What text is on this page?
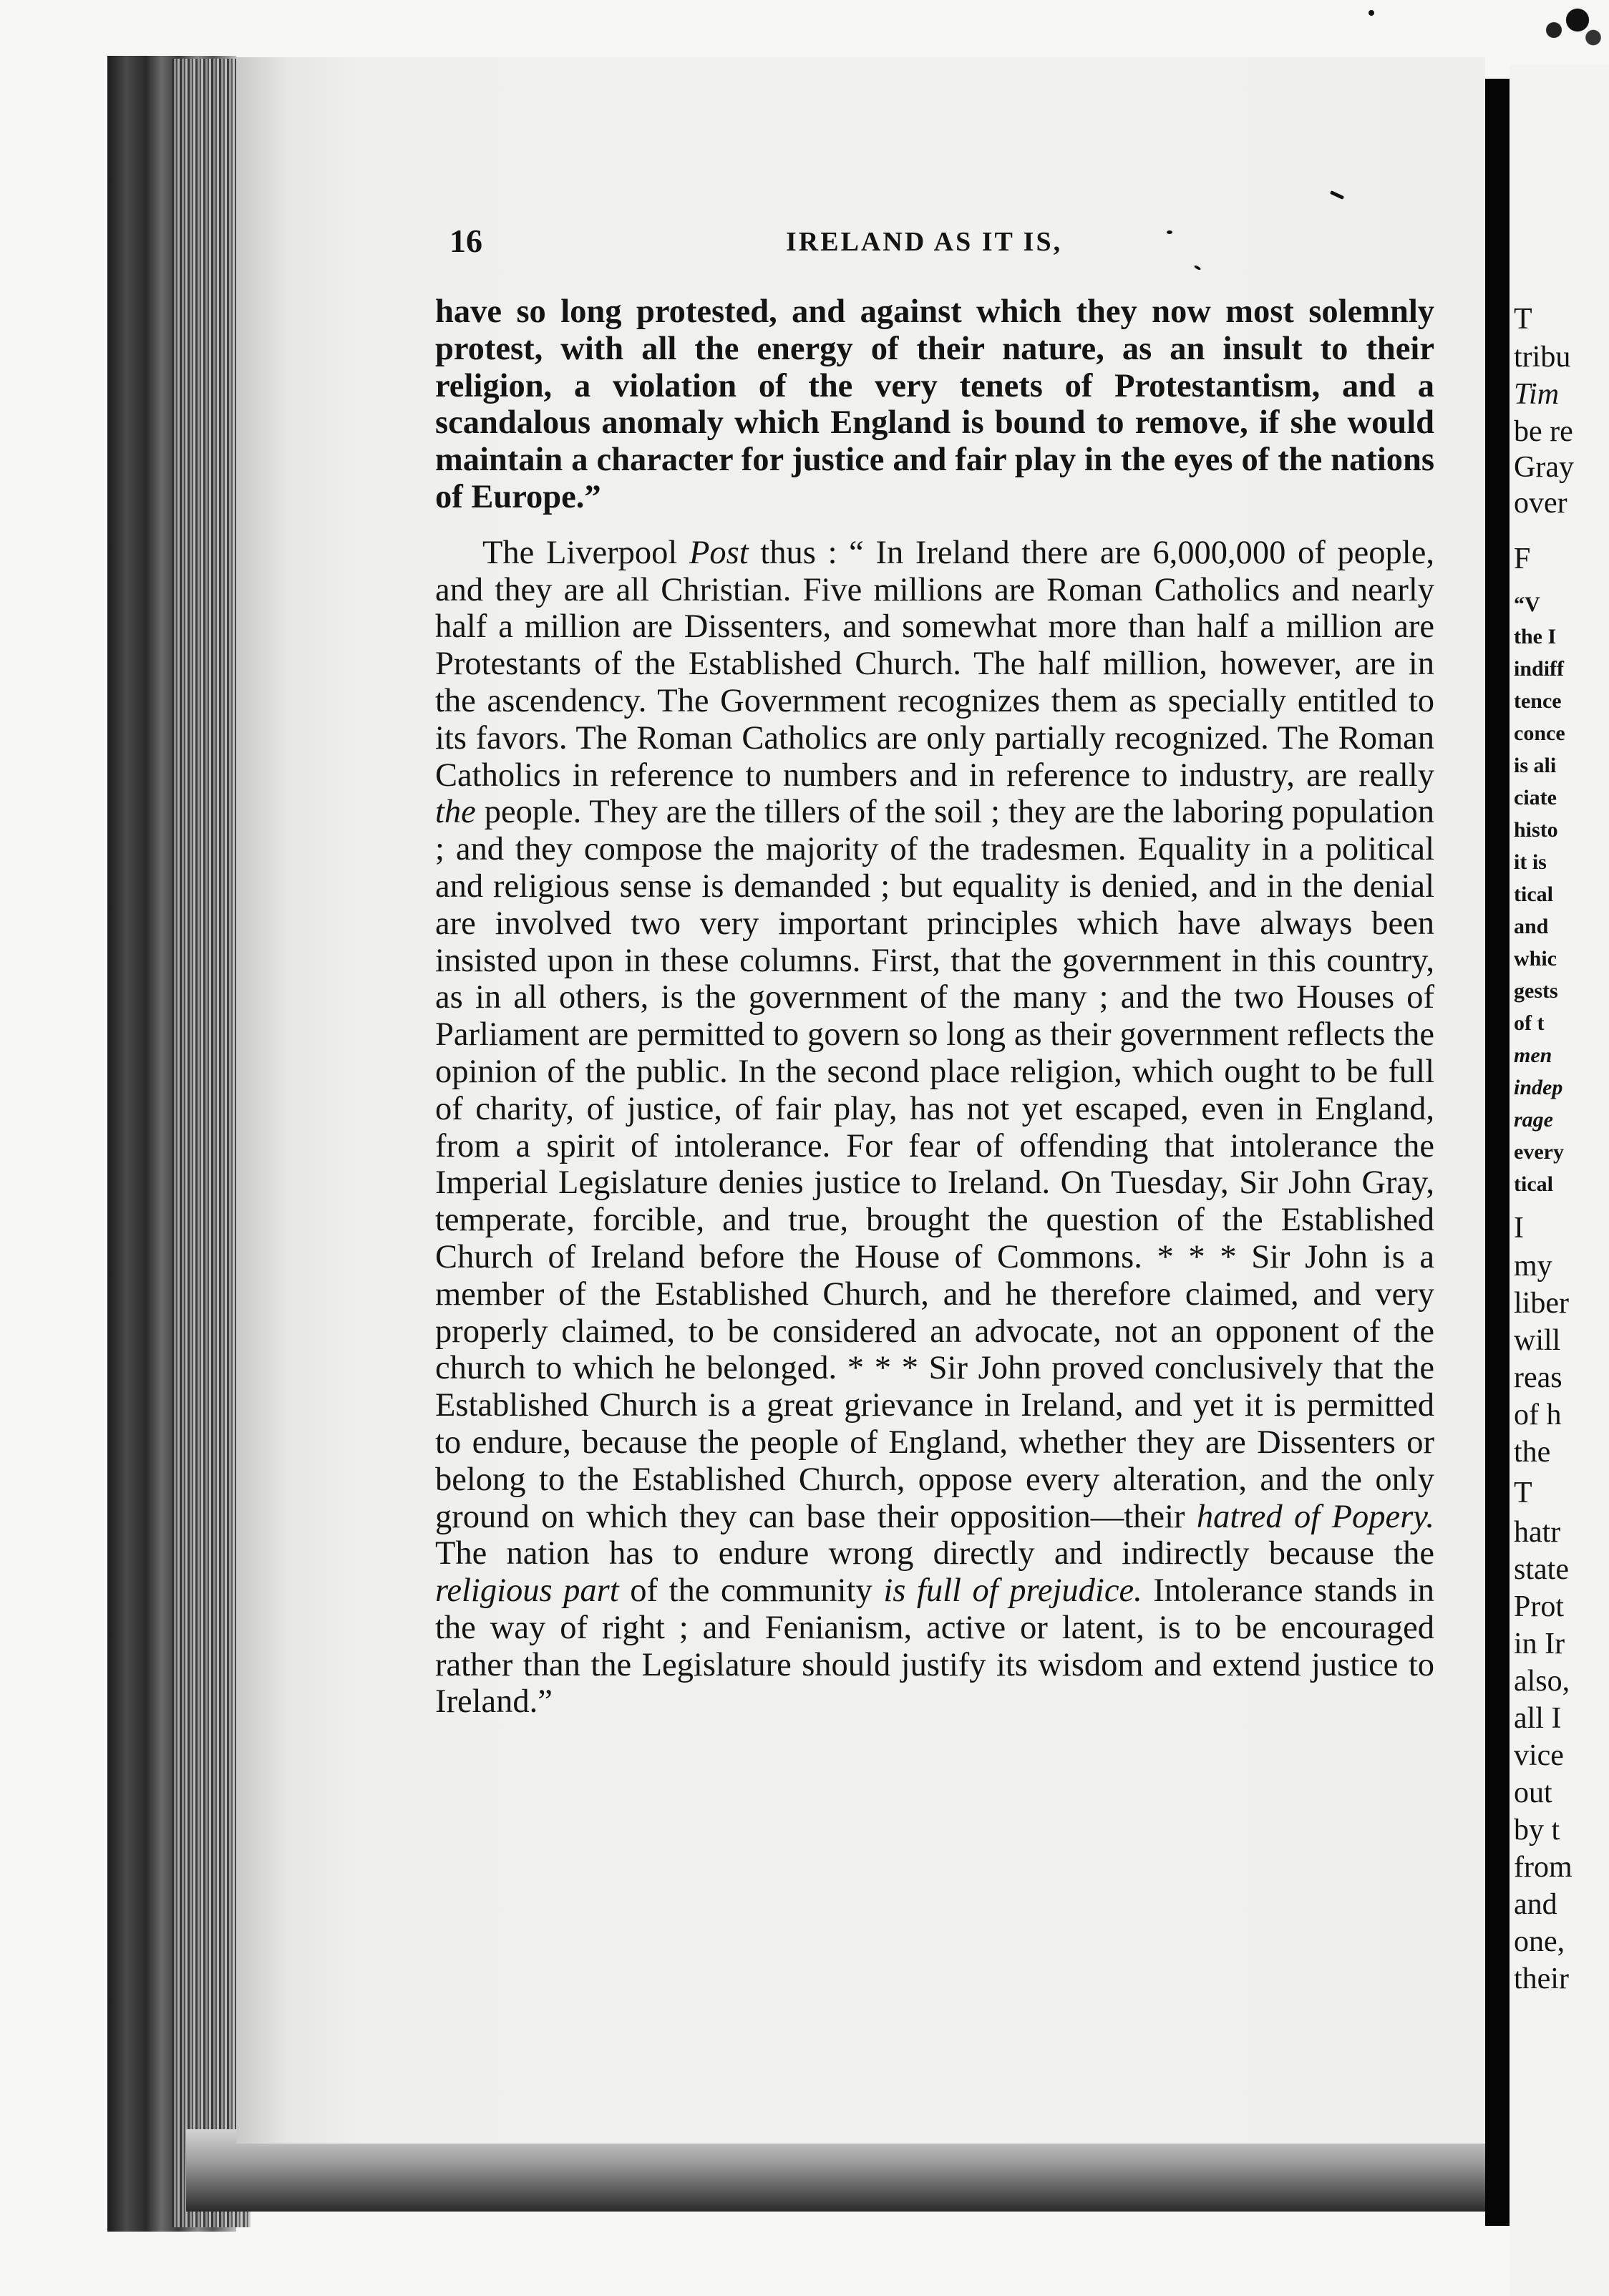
T
tribu
Tim
be re
Gray
over
F
“V
the I
indiff
tence
conce
is ali
ciate
histo
it is
tical
and
whic
gests
of t
men
indep
rage
every
tical
I
my
liber
will
reas
of h
the
T
hatr
state
Prot
in Ir
also,
all I
vice
out
by t
from
and
one,
their
16	IRELAND AS IT IS,

have so long protested, and against which they now most solemnly protest, with all the energy of their nature, as an insult to their religion, a violation of the very tenets of Protestantism, and a scandalous anomaly which England is bound to remove, if she would maintain a character for justice and fair play in the eyes of the nations of Europe.”

The Liverpool Post thus : “ In Ireland there are 6,000,000 of people, and they are all Christian. Five millions are Roman Catholics and nearly half a million are Dissenters, and somewhat more than half a million are Protestants of the Established Church. The half million, however, are in the ascendency. The Government recognizes them as specially entitled to its favors. The Roman Catholics are only partially recognized. The Roman Catholics in reference to numbers and in reference to industry, are really the people. They are the tillers of the soil ; they are the laboring population ; and they compose the majority of the tradesmen. Equality in a political and religious sense is demanded ; but equality is denied, and in the denial are involved two very important principles which have always been insisted upon in these columns. First, that the government in this country, as in all others, is the government of the many ; and the two Houses of Parliament are permitted to govern so long as their government reflects the opinion of the public. In the second place religion, which ought to be full of charity, of justice, of fair play, has not yet escaped, even in England, from a spirit of intolerance. For fear of offending that intolerance the Imperial Legislature denies justice to Ireland. On Tuesday, Sir John Gray, temperate, forcible, and true, brought the question of the Established Church of Ireland before the House of Commons. * * * Sir John is a member of the Established Church, and he therefore claimed, and very properly claimed, to be considered an advocate, not an opponent of the church to which he belonged. * * * Sir John proved conclusively that the Established Church is a great grievance in Ireland, and yet it is permitted to endure, because the people of England, whether they are Dissenters or belong to the Established Church, oppose every alteration, and the only ground on which they can base their opposition—their hatred of Popery. The nation has to endure wrong directly and indirectly because the religious part of the community is full of prejudice. Intolerance stands in the way of right ; and Fenianism, active or latent, is to be encouraged rather than the Legislature should justify its wisdom and extend justice to Ireland.”
